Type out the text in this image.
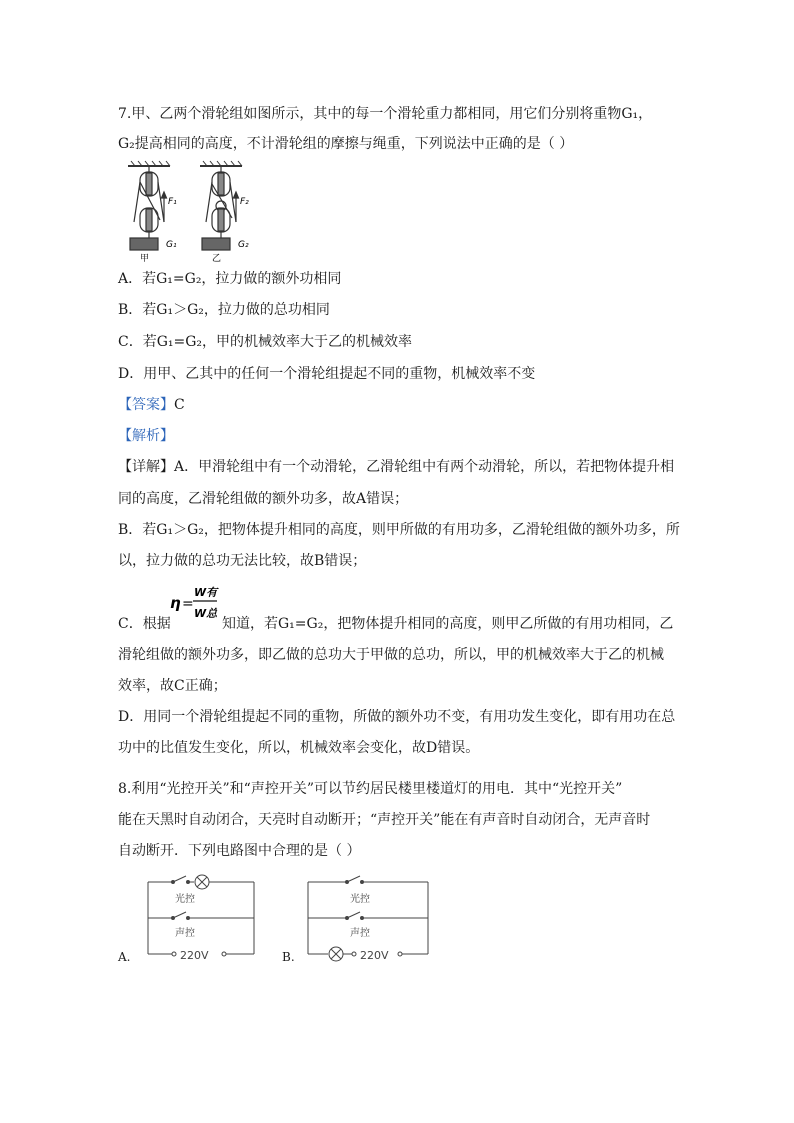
7.甲、乙两个滑轮组如图所示，其中的每一个滑轮重力都相同，用它们分别将重物G₁，
G₂提高相同的高度，不计滑轮组的摩擦与绳重，下列说法中正确的是（ ）
F₁	F₂
G₁	G₂
甲	乙
A．若G₁=G₂，拉力做的额外功相同
B．若G₁＞G₂，拉力做的总功相同
C．若G₁=G₂，甲的机械效率大于乙的机械效率
D．用甲、乙其中的任何一个滑轮组提起不同的重物，机械效率不变
【答案】C
【解析】
【详解】A．甲滑轮组中有一个动滑轮，乙滑轮组中有两个动滑轮，所以，若把物体提升相
同的高度，乙滑轮组做的额外功多，故A错误；
B．若G₁＞G₂，把物体提升相同的高度，则甲所做的有用功多，乙滑轮组做的额外功多，所
以，拉力做的总功无法比较，故B错误；
η =
W有
W总
C．根据	知道，若G₁=G₂，把物体提升相同的高度，则甲乙所做的有用功相同，乙
滑轮组做的额外功多，即乙做的总功大于甲做的总功，所以，甲的机械效率大于乙的机械
效率，故C正确；
D．用同一个滑轮组提起不同的重物，所做的额外功不变，有用功发生变化，即有用功在总
功中的比值发生变化，所以，机械效率会变化，故D错误。
8.利用“光控开关”和“声控开关”可以节约居民楼里楼道灯的用电．其中“光控开关”
能在天黑时自动闭合，天亮时自动断开；“声控开关”能在有声音时自动闭合，无声音时
自动断开．下列电路图中合理的是（ ）
A.
光控
声控
220V	B.
光控
声控
220V
